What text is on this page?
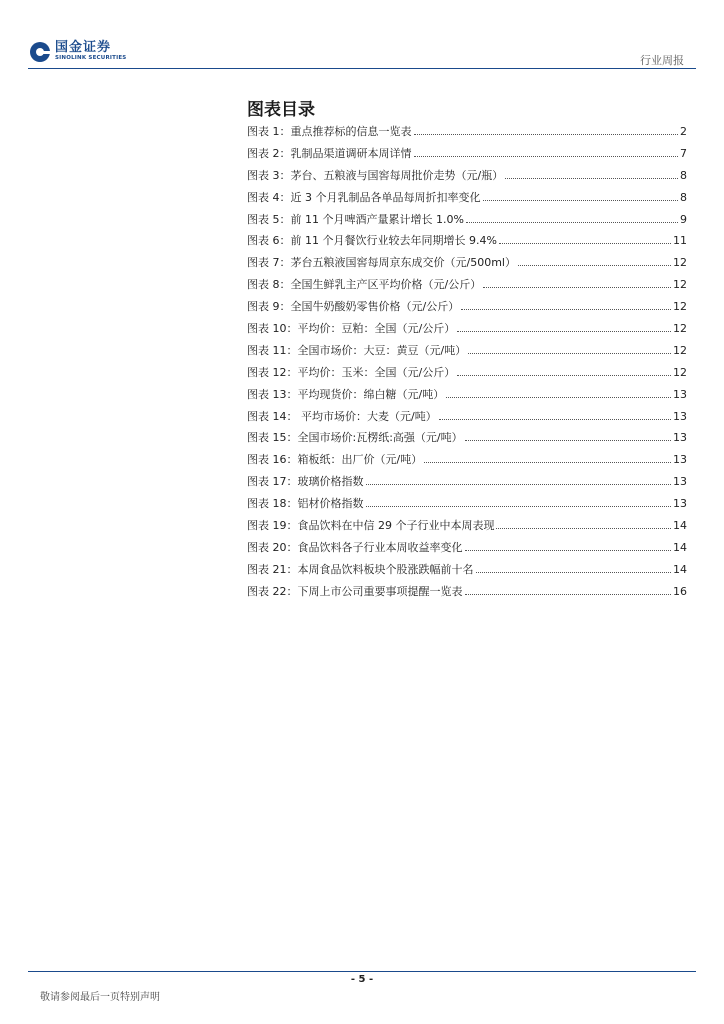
国金证券
SINOLINK SECURITIES	行业周报
图表目录
图表 1：重点推荐标的信息一览表	2
图表 2：乳制品渠道调研本周详情	7
图表 3：茅台、五粮液与国窖每周批价走势（元/瓶）	8
图表 4：近 3 个月乳制品各单品每周折扣率变化	8
图表 5：前 11 个月啤酒产量累计增长 1.0%	9
图表 6：前 11 个月餐饮行业较去年同期增长 9.4%	11
图表 7：茅台五粮液国窖每周京东成交价（元/500ml）	12
图表 8：全国生鲜乳主产区平均价格（元/公斤）	12
图表 9：全国牛奶酸奶零售价格（元/公斤）	12
图表 10：平均价：豆粕：全国（元/公斤）	12
图表 11：全国市场价：大豆：黄豆（元/吨）	12
图表 12：平均价：玉米：全国（元/公斤）	12
图表 13：平均现货价：绵白糖（元/吨）	13
图表 14： 平均市场价：大麦（元/吨）	13
图表 15：全国市场价:瓦楞纸:高强（元/吨）	13
图表 16：箱板纸：出厂价（元/吨）	13
图表 17：玻璃价格指数	13
图表 18：铝材价格指数	13
图表 19：食品饮料在中信 29 个子行业中本周表现	14
图表 20：食品饮料各子行业本周收益率变化	14
图表 21：本周食品饮料板块个股涨跌幅前十名	14
图表 22：下周上市公司重要事项提醒一览表	16
- 5 -
敬请参阅最后一页特别声明
